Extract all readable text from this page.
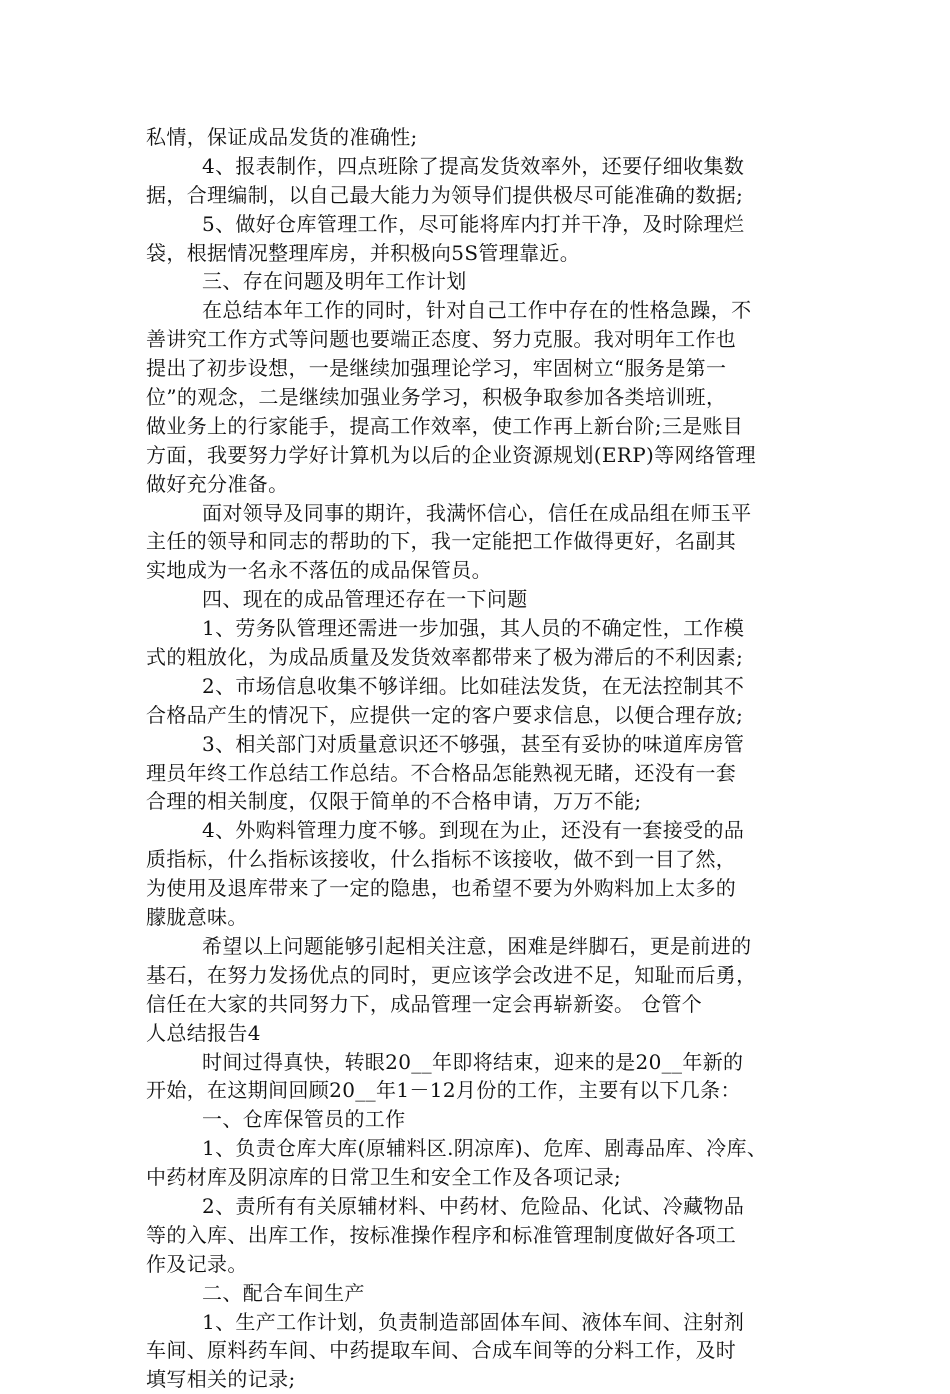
私情，保证成品发货的准确性;
4、报表制作，四点班除了提高发货效率外，还要仔细收集数
据，合理编制，以自己最大能力为领导们提供极尽可能准确的数据;
5、做好仓库管理工作，尽可能将库内打并干净，及时除理烂
袋，根据情况整理库房，并积极向5S管理靠近。
三、存在问题及明年工作计划
在总结本年工作的同时，针对自己工作中存在的性格急躁，不
善讲究工作方式等问题也要端正态度、努力克服。我对明年工作也
提出了初步设想，一是继续加强理论学习，牢固树立“服务是第一
位”的观念，二是继续加强业务学习，积极争取参加各类培训班，
做业务上的行家能手，提高工作效率，使工作再上新台阶;三是账目
方面，我要努力学好计算机为以后的企业资源规划(ERP)等网络管理
做好充分准备。
面对领导及同事的期许，我满怀信心，信任在成品组在师玉平
主任的领导和同志的帮助的下，我一定能把工作做得更好，名副其
实地成为一名永不落伍的成品保管员。
四、现在的成品管理还存在一下问题
1、劳务队管理还需进一步加强，其人员的不确定性，工作模
式的粗放化，为成品质量及发货效率都带来了极为滞后的不利因素;
2、市场信息收集不够详细。比如硅法发货，在无法控制其不
合格品产生的情况下，应提供一定的客户要求信息，以便合理存放;
3、相关部门对质量意识还不够强，甚至有妥协的味道库房管
理员年终工作总结工作总结。不合格品怎能熟视无睹，还没有一套
合理的相关制度，仅限于简单的不合格申请，万万不能;
4、外购料管理力度不够。到现在为止，还没有一套接受的品
质指标，什么指标该接收，什么指标不该接收，做不到一目了然，
为使用及退库带来了一定的隐患，也希望不要为外购料加上太多的
朦胧意味。
希望以上问题能够引起相关注意，困难是绊脚石，更是前进的
基石，在努力发扬优点的同时，更应该学会改进不足，知耻而后勇，
信任在大家的共同努力下，成品管理一定会再崭新姿。 仓管个
人总结报告4
时间过得真快，转眼20__年即将结束，迎来的是20__年新的
开始，在这期间回顾20__年1－12月份的工作，主要有以下几条：
一、仓库保管员的工作
1、负责仓库大库(原辅料区.阴凉库)、危库、剧毒品库、冷库、
中药材库及阴凉库的日常卫生和安全工作及各项记录;
2、责所有有关原辅材料、中药材、危险品、化试、冷藏物品
等的入库、出库工作，按标准操作程序和标准管理制度做好各项工
作及记录。
二、配合车间生产
1、生产工作计划，负责制造部固体车间、液体车间、注射剂
车间、原料药车间、中药提取车间、合成车间等的分料工作，及时
填写相关的记录;
